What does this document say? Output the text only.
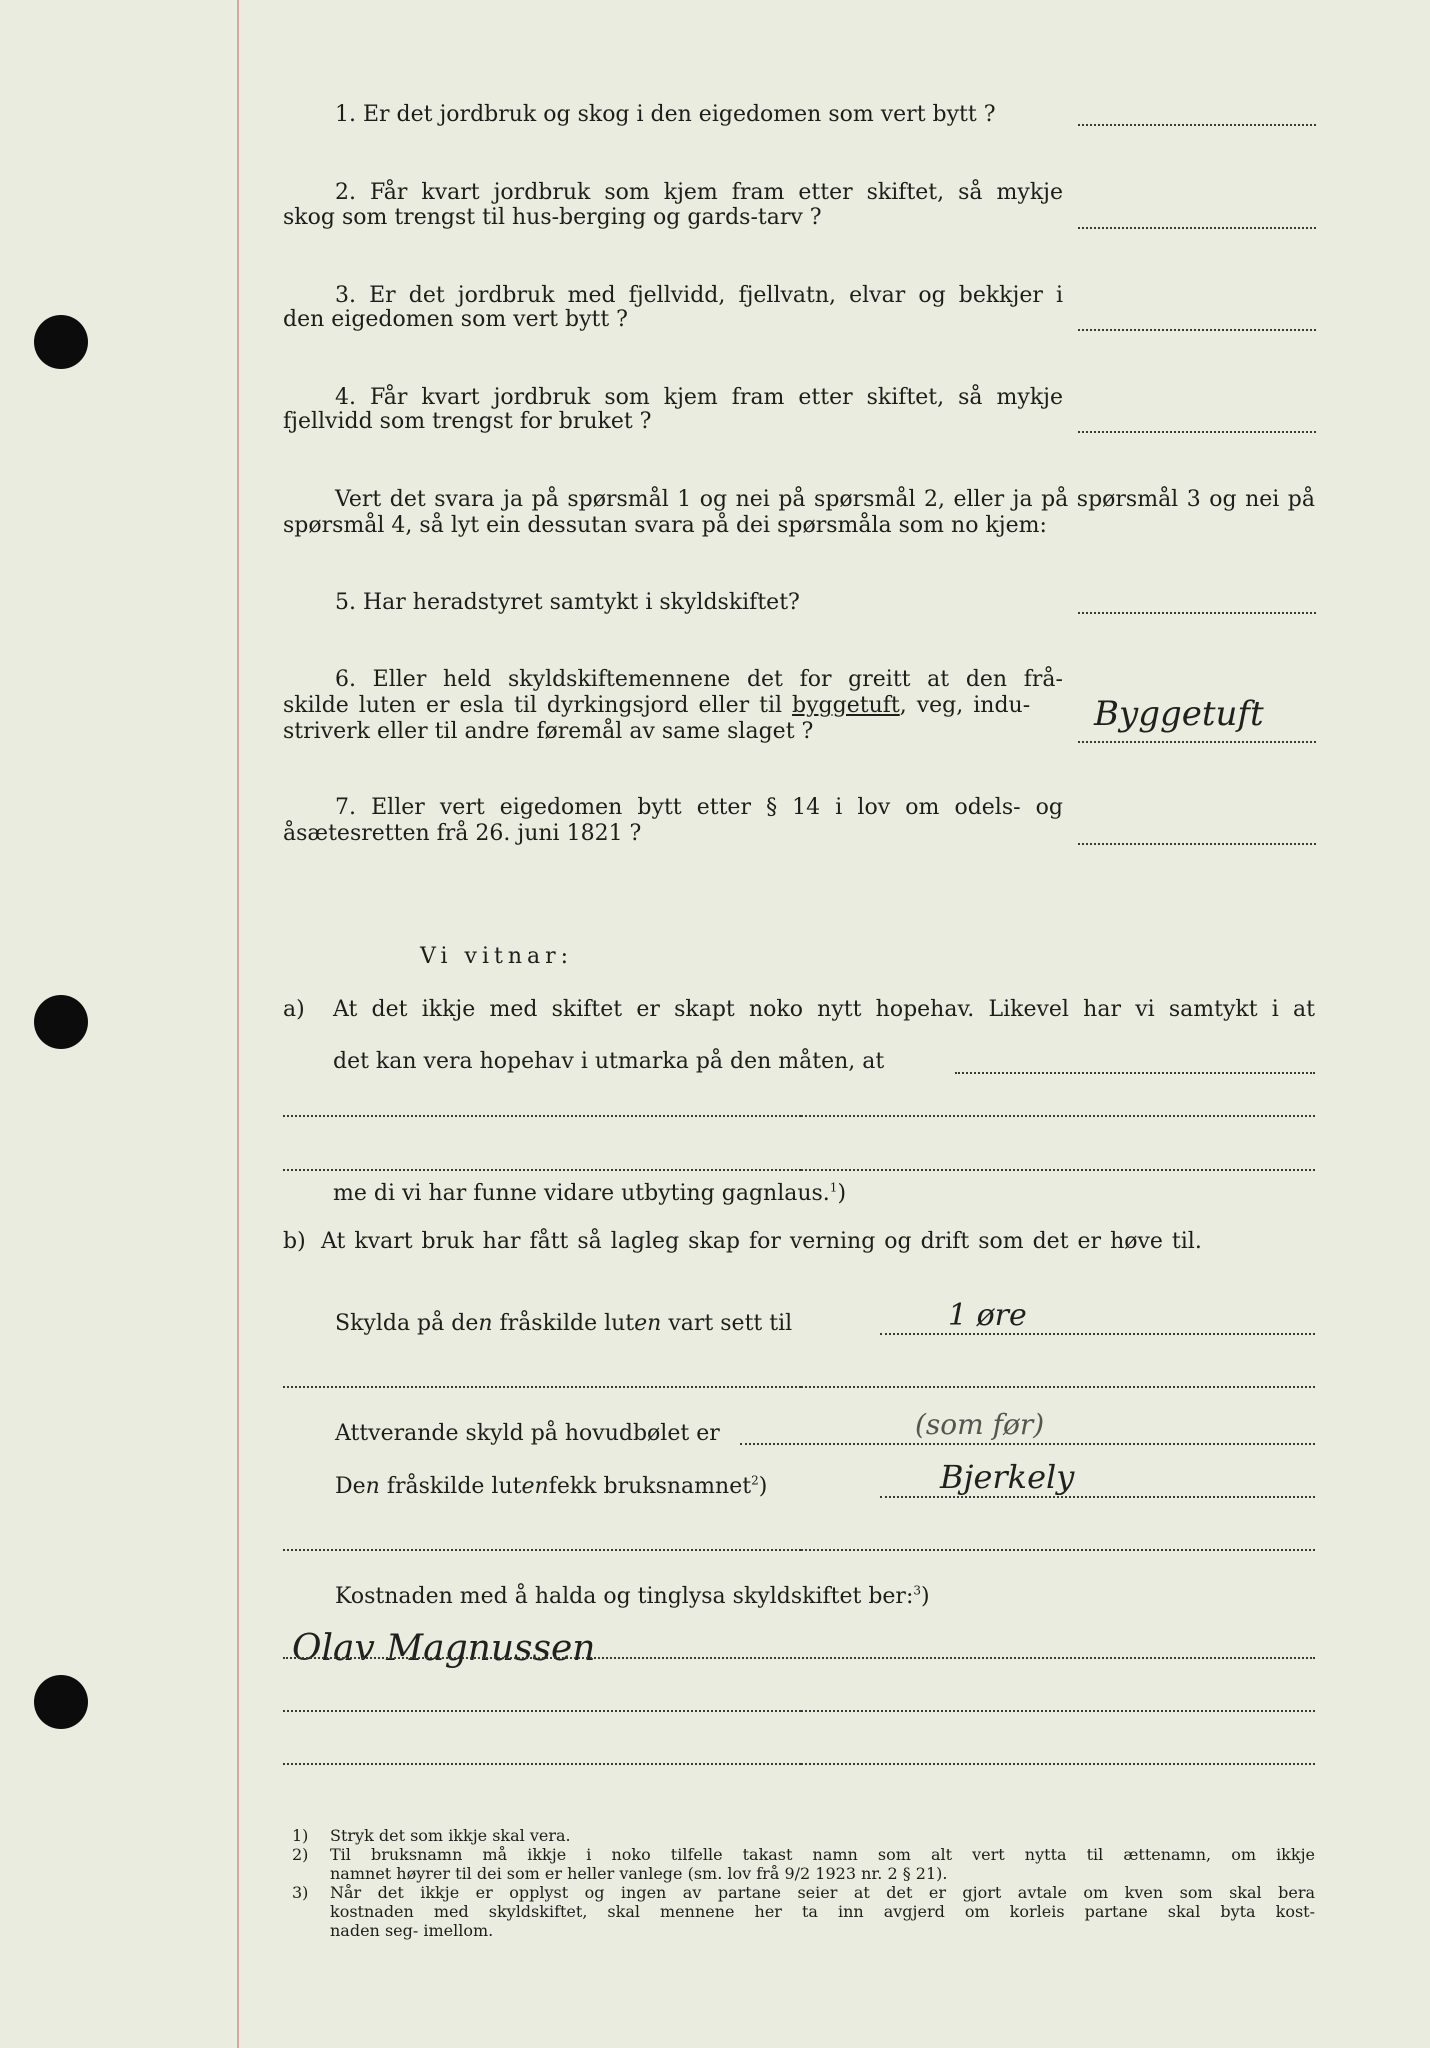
1. Er det jordbruk og skog i den eigedomen som vert bytt ?
2. Får kvart jordbruk som kjem fram etter skiftet, så mykje
skog som trengst til hus-berging og gards-tarv ?
3. Er det jordbruk med fjellvidd, fjellvatn, elvar og bekkjer i
den eigedomen som vert bytt ?
4. Får kvart jordbruk som kjem fram etter skiftet, så mykje
fjellvidd som trengst for bruket ?
Vert det svara ja på spørsmål 1 og nei på spørsmål 2, eller ja på spørsmål 3 og nei på
spørsmål 4, så lyt ein dessutan svara på dei spørsmåla som no kjem:
5. Har heradstyret samtykt i skyldskiftet?
6. Eller held skyldskiftemennene det for greitt at den frå-
skilde luten er esla til dyrkingsjord eller til byggetuft, veg, indu-
striverk eller til andre føremål av same slaget ?	Byggetuft
7. Eller vert eigedomen bytt etter § 14 i lov om odels- og
åsætesretten frå 26. juni 1821 ?
Vi vitnar:
a) At det ikkje med skiftet er skapt noko nytt hopehav. Likevel har vi samtykt i at
det kan vera hopehav i utmarka på den måten, at
me di vi har funne vidare utbyting gagnlaus.$^1$)
b) At kvart bruk har fått så lagleg skap for verning og drift som det er høve til.
Skylda på den fråskilde luten vart sett til	1 øre
Attverande skyld på hovudbølet er	(som før)
Den fråskilde lutenfekk bruksnamnet$^2$)	Bjerkely
Kostnaden med å halda og tinglysa skyldskiftet ber:$^3$)
Olav Magnussen
1) Stryk det som ikkje skal vera.
2) Til bruksnamn må ikkje i noko tilfelle takast namn som alt vert nytta til ættenamn, om ikkje
namnet høyrer til dei som er heller vanlege (sm. lov frå 9/2 1923 nr. 2 § 21).
3) Når det ikkje er opplyst og ingen av partane seier at det er gjort avtale om kven som skal bera
kostnaden med skyldskiftet, skal mennene her ta inn avgjerd om korleis partane skal byta kost-
naden seg- imellom.
